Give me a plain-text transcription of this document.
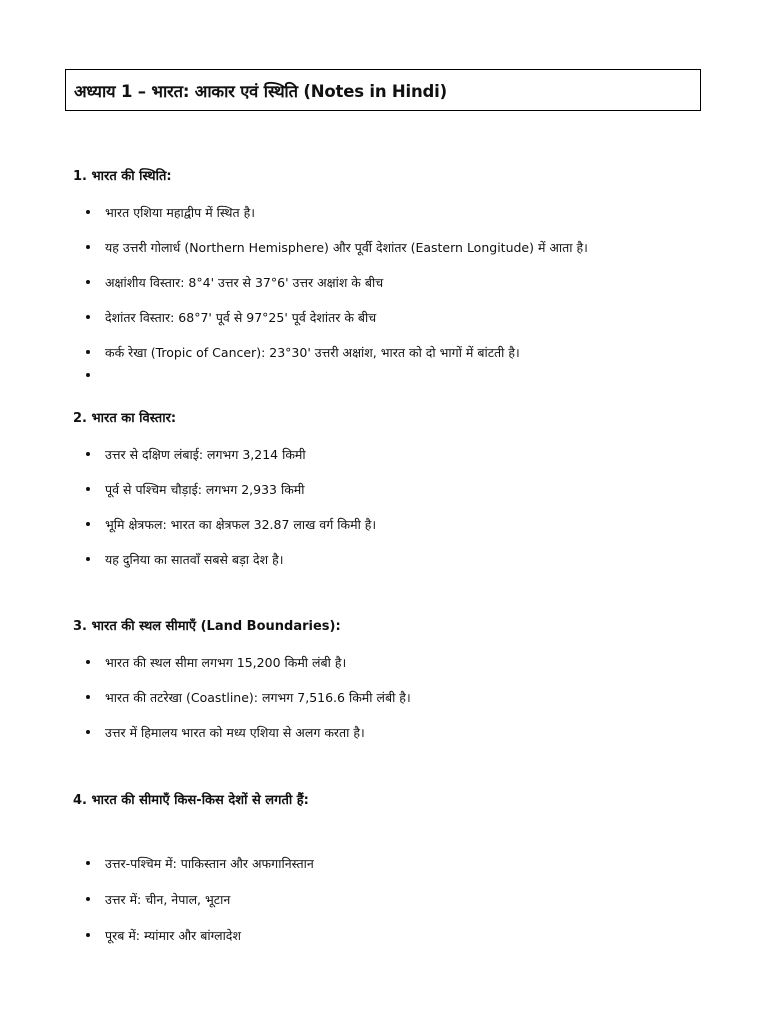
अध्याय 1 – भारत: आकार एवं स्थिति (Notes in Hindi)
1. भारत की स्थिति:
भारत एशिया महाद्वीप में स्थित है।
यह उत्तरी गोलार्ध (Northern Hemisphere) और पूर्वी देशांतर (Eastern Longitude) में आता है।
अक्षांशीय विस्तार: 8°4' उत्तर से 37°6' उत्तर अक्षांश के बीच
देशांतर विस्तार: 68°7' पूर्व से 97°25' पूर्व देशांतर के बीच
कर्क रेखा (Tropic of Cancer): 23°30' उत्तरी अक्षांश, भारत को दो भागों में बांटती है।
2. भारत का विस्तार:
उत्तर से दक्षिण लंबाई: लगभग 3,214 किमी
पूर्व से पश्चिम चौड़ाई: लगभग 2,933 किमी
भूमि क्षेत्रफल: भारत का क्षेत्रफल 32.87 लाख वर्ग किमी है।
यह दुनिया का सातवाँ सबसे बड़ा देश है।
3. भारत की स्थल सीमाएँ (Land Boundaries):
भारत की स्थल सीमा लगभग 15,200 किमी लंबी है।
भारत की तटरेखा (Coastline): लगभग 7,516.6 किमी लंबी है।
उत्तर में हिमालय भारत को मध्य एशिया से अलग करता है।
4. भारत की सीमाएँ किस-किस देशों से लगती हैं:
उत्तर-पश्चिम में: पाकिस्तान और अफगानिस्तान
उत्तर में: चीन, नेपाल, भूटान
पूरब में: म्यांमार और बांग्लादेश
